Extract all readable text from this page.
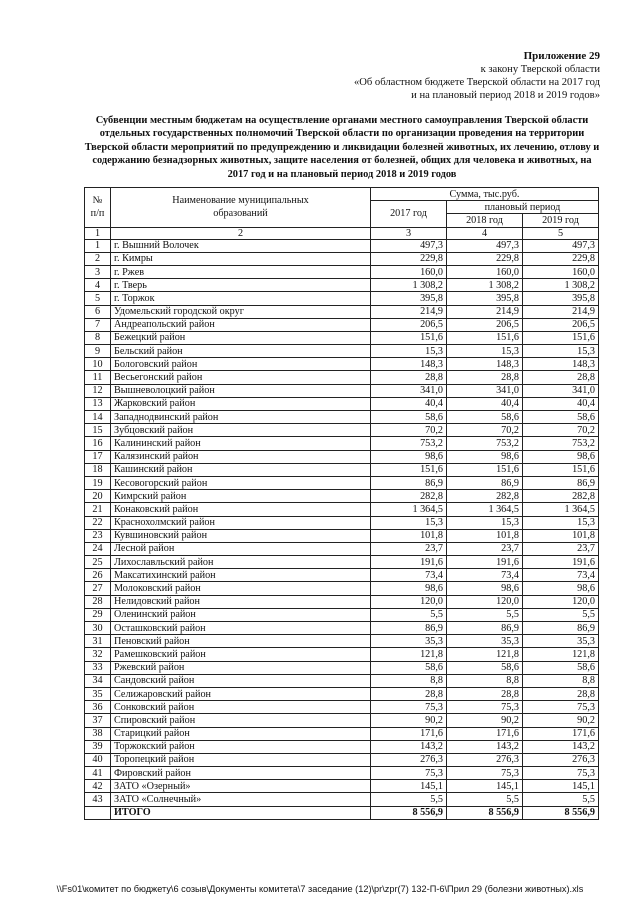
Приложение 29
к закону Тверской области
«Об областном бюджете Тверской области на 2017 год
и на плановый период 2018 и 2019 годов»
Субвенции местным бюджетам на осуществление органами местного самоуправления Тверской области отдельных государственных полномочий Тверской области по организации проведения на территории Тверской области мероприятий по предупреждению и ликвидации болезней животных, их лечению, отлову и содержанию безнадзорных животных, защите населения от болезней, общих для человека и животных, на 2017 год и на плановый период 2018 и 2019 годов
№ п/п	Наименование муниципальных образований	Сумма, тыс.руб.		
		2017 год	плановый период	
			2018 год	2019 год
1	2	3	4	5
1	г. Вышний Волочек	497,3	497,3	497,3
2	г. Кимры	229,8	229,8	229,8
3	г. Ржев	160,0	160,0	160,0
4	г. Тверь	1 308,2	1 308,2	1 308,2
5	г. Торжок	395,8	395,8	395,8
6	Удомельский городской округ	214,9	214,9	214,9
7	Андреапольский район	206,5	206,5	206,5
8	Бежецкий район	151,6	151,6	151,6
9	Бельский район	15,3	15,3	15,3
10	Бологовский район	148,3	148,3	148,3
11	Весьегонский район	28,8	28,8	28,8
12	Вышневолоцкий район	341,0	341,0	341,0
13	Жарковский район	40,4	40,4	40,4
14	Западнодвинский район	58,6	58,6	58,6
15	Зубцовский район	70,2	70,2	70,2
16	Калининский район	753,2	753,2	753,2
17	Калязинский район	98,6	98,6	98,6
18	Кашинский район	151,6	151,6	151,6
19	Кесовогорский район	86,9	86,9	86,9
20	Кимрский район	282,8	282,8	282,8
21	Конаковский район	1 364,5	1 364,5	1 364,5
22	Краснохолмский район	15,3	15,3	15,3
23	Кувшиновский район	101,8	101,8	101,8
24	Лесной район	23,7	23,7	23,7
25	Лихославльский район	191,6	191,6	191,6
26	Максатихинский район	73,4	73,4	73,4
27	Молоковский район	98,6	98,6	98,6
28	Нелидовский район	120,0	120,0	120,0
29	Оленинский район	5,5	5,5	5,5
30	Осташковский район	86,9	86,9	86,9
31	Пеновский район	35,3	35,3	35,3
32	Рамешковский район	121,8	121,8	121,8
33	Ржевский район	58,6	58,6	58,6
34	Сандовский район	8,8	8,8	8,8
35	Селижаровский район	28,8	28,8	28,8
36	Сонковский район	75,3	75,3	75,3
37	Спировский район	90,2	90,2	90,2
38	Старицкий район	171,6	171,6	171,6
39	Торжокский район	143,2	143,2	143,2
40	Торопецкий район	276,3	276,3	276,3
41	Фировский район	75,3	75,3	75,3
42	ЗАТО «Озерный»	145,1	145,1	145,1
43	ЗАТО «Солнечный»	5,5	5,5	5,5
	ИТОГО	8 556,9	8 556,9	8 556,9
\\Fs01\комитет по бюджету\6 созыв\Документы комитета\7 заседание (12)\pr\zpr(7) 132-П-6\Прил 29 (болезни животных).xls
